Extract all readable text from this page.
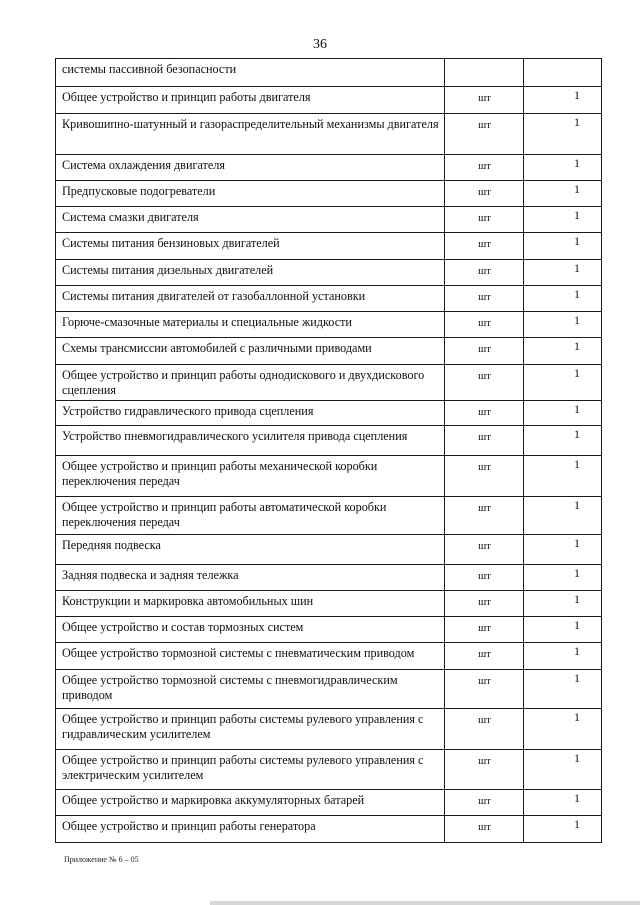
36
системы пассивной безопасности		
Общее устройство и принцип работы двигателя	шт	1
Кривошипно-шатунный и газораспределительный механизмы двигателя	шт	1
Система охлаждения двигателя	шт	1
Предпусковые подогреватели	шт	1
Система смазки двигателя	шт	1
Системы питания бензиновых двигателей	шт	1
Системы питания дизельных двигателей	шт	1
Системы питания двигателей от газобаллонной установки	шт	1
Горюче-смазочные материалы и специальные жидкости	шт	1
Схемы трансмиссии автомобилей с различными приводами	шт	1
Общее устройство и принцип работы однодискового и двухдискового сцепления	шт	1
Устройство гидравлического привода сцепления	шт	1
Устройство пневмогидравлического усилителя привода сцепления	шт	1
Общее устройство и принцип работы механической коробки переключения передач	шт	1
Общее устройство и принцип работы автоматической коробки переключения передач	шт	1
Передняя подвеска	шт	1
Задняя подвеска и задняя тележка	шт	1
Конструкции и маркировка автомобильных шин	шт	1
Общее устройство и состав тормозных систем	шт	1
Общее устройство тормозной системы с пневматическим приводом	шт	1
Общее устройство тормозной системы с пневмогидравлическим приводом	шт	1
Общее устройство и принцип работы системы рулевого управления с гидравлическим усилителем	шт	1
Общее устройство и принцип работы системы рулевого управления с электрическим усилителем	шт	1
Общее устройство и маркировка аккумуляторных батарей	шт	1
Общее устройство и принцип работы генератора	шт	1
Приложение № 6 – 05
